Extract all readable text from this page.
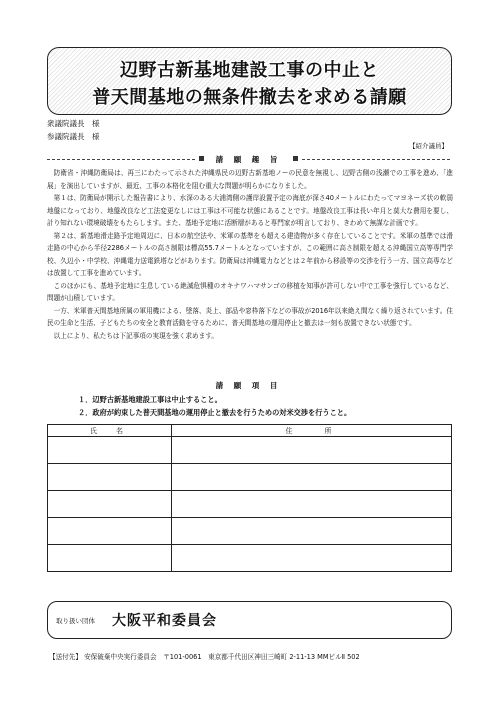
辺野古新基地建設工事の中止と
普天間基地の無条件撤去を求める請願
衆議院議長　様
参議院議長　様
【紹介議員】
請 願 趣 旨

防衛省・沖縄防衛局は、再三にわたって示された沖縄県民の辺野古新基地ノーの民意を無視し、辺野古側の浅瀬での工事を進め、「進展」を演出していますが、最近、工事の本格化を阻む重大な問題が明らかになりました。

第１は、防衛局が開示した報告書により、水深のある大浦湾側の護岸設置予定の海底が深さ40メートルにわたってマヨネーズ状の軟弱地盤になっており、地盤改良など工法変更なしには工事は不可能な状態にあることです。地盤改良工事は長い年月と莫大な費用を要し、計り知れない環境破壊をもたらします。また、基地予定地に活断層があると専門家が明言しており、きわめて無謀な計画です。

第２は、新基地滑走路予定地周辺に、日本の航空法や、米軍の基準をも超える建造物が多く存在していることです。米軍の基準では滑走路の中心から半径2286メートルの高さ制限は標高55.7メートルとなっていますが、この範囲に高さ制限を超える沖縄国立高等専門学校、久辺小・中学校、沖縄電力送電鉄塔などがあります。防衛局は沖縄電力などとは２年前から移設等の交渉を行う一方、国立高専などは放置して工事を進めています。

このほかにも、基地予定地に生息している絶滅危惧種のオキナワハマサンゴの移植を知事が許可しない中で工事を強行しているなど、問題が山積しています。

一方、米軍普天間基地所属の軍用機による、墜落、炎上、部品や窓枠落下などの事故が2016年以来絶え間なく繰り返されています。住民の生命と生活、子どもたちの安全と教育活動を守るために、普天間基地の運用停止と撤去は一刻も放置できない状態です。

以上により、私たちは下記事項の実現を強く求めます。

請 願 項 目
１．辺野古新基地建設工事は中止すること。
２．政府が約束した普天間基地の運用停止と撤去を行うための対米交渉を行うこと。
氏　名	住　　所

取り扱い団体 大阪平和委員会
【送付先】 安保破棄中央実行委員会　〒101-0061　東京都千代田区神田三崎町 2-11-13 MMビルⅡ 502
